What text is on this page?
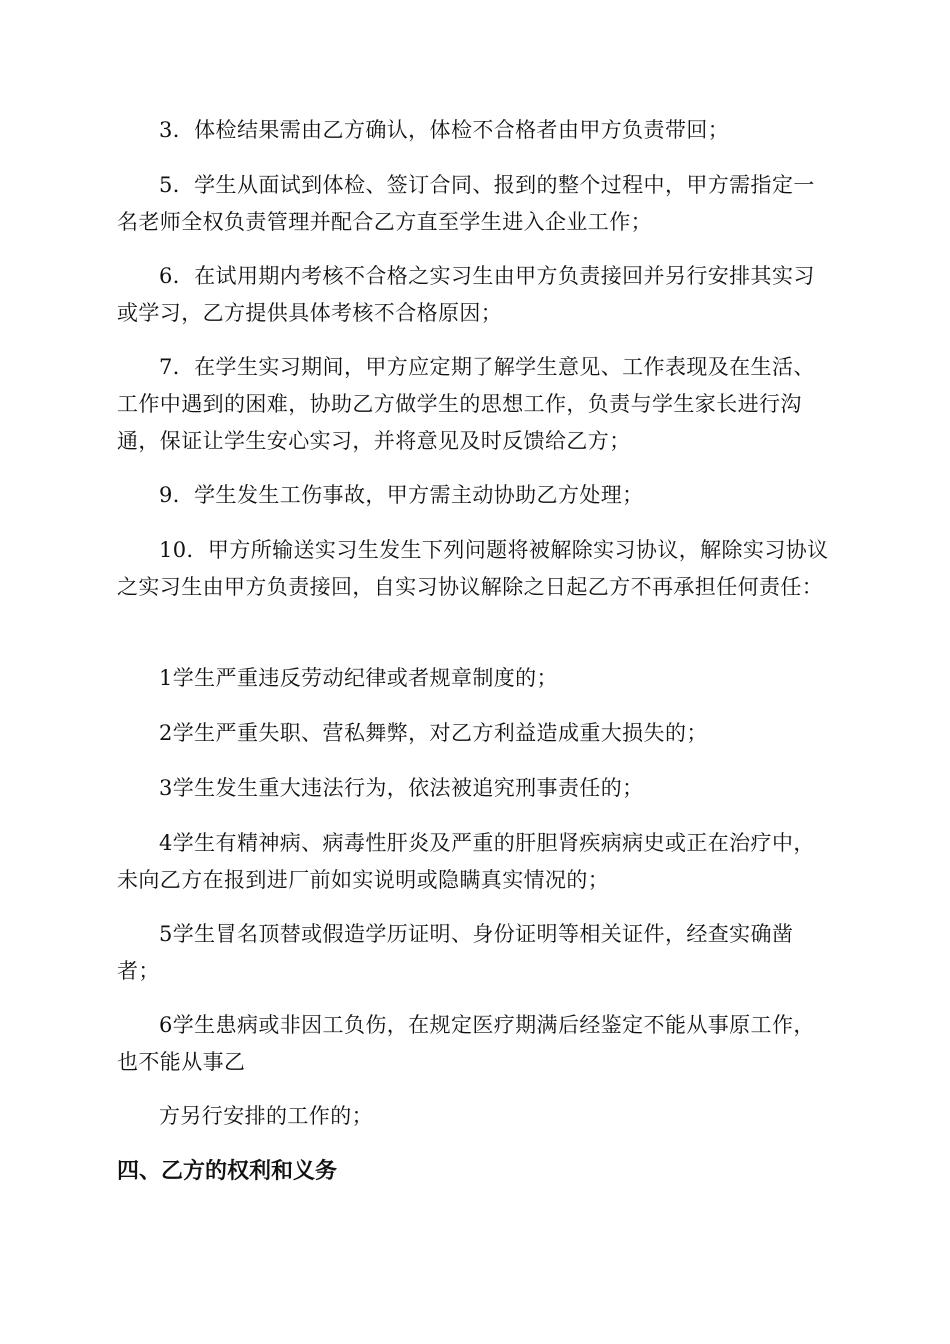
3．体检结果需由乙方确认，体检不合格者由甲方负责带回；

5．学生从面试到体检、签订合同、报到的整个过程中，甲方需指定一名老师全权负责管理并配合乙方直至学生进入企业工作；

6．在试用期内考核不合格之实习生由甲方负责接回并另行安排其实习或学习，乙方提供具体考核不合格原因；

7．在学生实习期间，甲方应定期了解学生意见、工作表现及在生活、工作中遇到的困难，协助乙方做学生的思想工作，负责与学生家长进行沟通，保证让学生安心实习，并将意见及时反馈给乙方；

9．学生发生工伤事故，甲方需主动协助乙方处理；

10．甲方所输送实习生发生下列问题将被解除实习协议，解除实习协议之实习生由甲方负责接回，自实习协议解除之日起乙方不再承担任何责任：

1学生严重违反劳动纪律或者规章制度的；

2学生严重失职、营私舞弊，对乙方利益造成重大损失的；

3学生发生重大违法行为，依法被追究刑事责任的；

4学生有精神病、病毒性肝炎及严重的肝胆肾疾病病史或正在治疗中，未向乙方在报到进厂前如实说明或隐瞒真实情况的；

5学生冒名顶替或假造学历证明、身份证明等相关证件，经查实确凿者；

6学生患病或非因工负伤，在规定医疗期满后经鉴定不能从事原工作，也不能从事乙

方另行安排的工作的；

四、乙方的权利和义务
